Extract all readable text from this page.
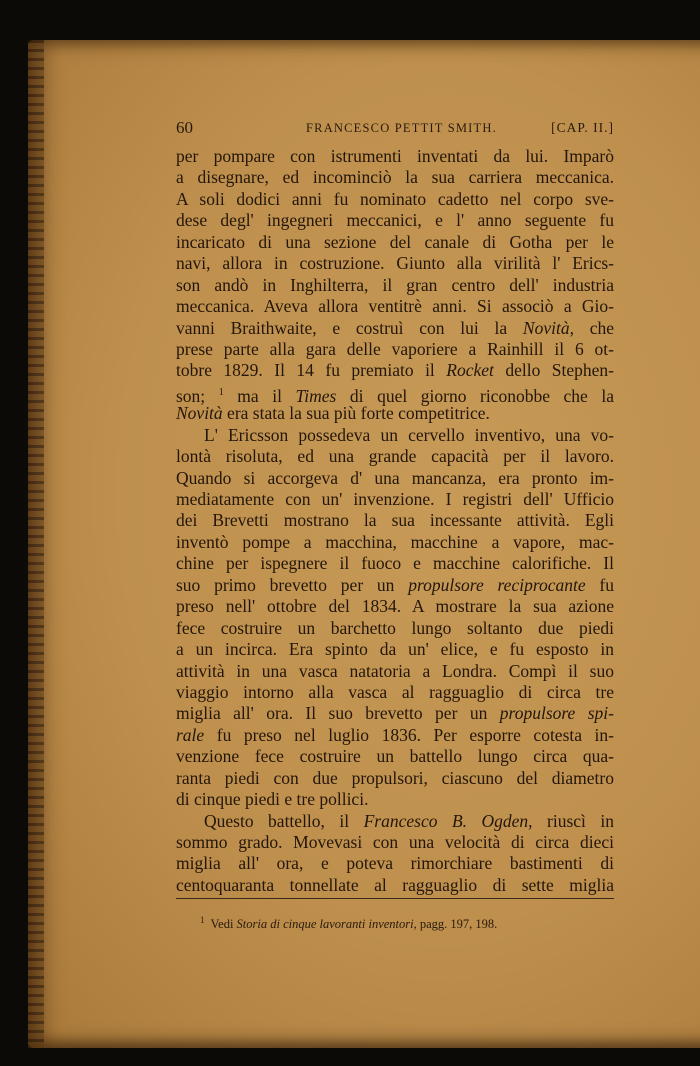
60	FRANCESCO PETTIT SMITH.	[CAP. II.]
per pompare con istrumenti inventati da lui. Imparò
a disegnare, ed incominciò la sua carriera meccanica.
A soli dodici anni fu nominato cadetto nel corpo sve-
dese degl' ingegneri meccanici, e l' anno seguente fu
incaricato di una sezione del canale di Gotha per le
navi, allora in costruzione. Giunto alla virilità l' Erics-
son andò in Inghilterra, il gran centro dell' industria
meccanica. Aveva allora ventitrè anni. Si associò a Gio-
vanni Braithwaite, e costruì con lui la Novità, che
prese parte alla gara delle vaporiere a Rainhill il 6 ot-
tobre 1829. Il 14 fu premiato il Rocket dello Stephen-
son; $^1$ ma il Times di quel giorno riconobbe che la
Novità era stata la sua più forte competitrice.
L' Ericsson possedeva un cervello inventivo, una vo-
lontà risoluta, ed una grande capacità per il lavoro.
Quando si accorgeva d' una mancanza, era pronto im-
mediatamente con un' invenzione. I registri dell' Ufficio
dei Brevetti mostrano la sua incessante attività. Egli
inventò pompe a macchina, macchine a vapore, mac-
chine per ispegnere il fuoco e macchine calorifiche. Il
suo primo brevetto per un propulsore reciprocante fu
preso nell' ottobre del 1834. A mostrare la sua azione
fece costruire un barchetto lungo soltanto due piedi
a un incirca. Era spinto da un' elice, e fu esposto in
attività in una vasca natatoria a Londra. Compì il suo
viaggio intorno alla vasca al ragguaglio di circa tre
miglia all' ora. Il suo brevetto per un propulsore spi-
rale fu preso nel luglio 1836. Per esporre cotesta in-
venzione fece costruire un battello lungo circa qua-
ranta piedi con due propulsori, ciascuno del diametro
di cinque piedi e tre pollici.
Questo battello, il Francesco B. Ogden, riuscì in
sommo grado. Movevasi con una velocità di circa dieci
miglia all' ora, e poteva rimorchiare bastimenti di
centoquaranta tonnellate al ragguaglio di sette miglia
$^1$ Vedi Storia di cinque lavoranti inventori, pagg. 197, 198.
